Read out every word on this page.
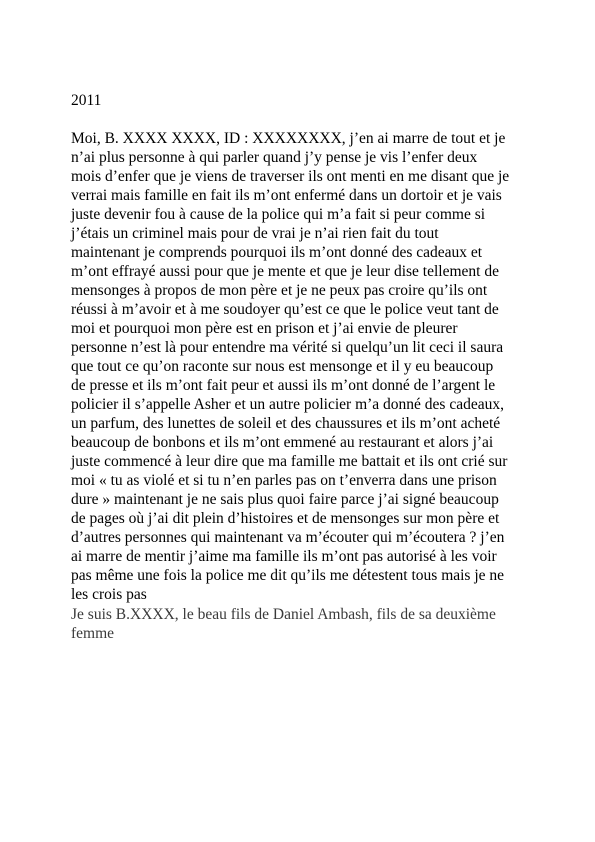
2011

Moi, B. XXXX XXXX, ID : XXXXXXXX, j’en ai marre de tout et je

n’ai plus personne à qui parler quand j’y pense je vis l’enfer deux

mois d’enfer que je viens de traverser ils ont menti en me disant que je

verrai mais famille en fait ils m’ont enfermé dans un dortoir et je vais

juste devenir fou à cause de la police qui m’a fait si peur comme si

j’étais un criminel mais pour de vrai je n’ai rien fait du tout

maintenant je comprends pourquoi ils m’ont donné des cadeaux et

m’ont effrayé aussi pour que je mente et que je leur dise tellement de

mensonges à propos de mon père et je ne peux pas croire qu’ils ont

réussi à m’avoir et à me soudoyer qu’est ce que le police veut tant de

moi et pourquoi mon père est en prison et j’ai envie de pleurer

personne n’est là pour entendre ma vérité si quelqu’un lit ceci il saura

que tout ce qu’on raconte sur nous est mensonge et il y eu beaucoup

de presse et ils m’ont fait peur et aussi ils m’ont donné de l’argent le

policier il s’appelle Asher et un autre policier m’a donné des cadeaux,

un parfum, des lunettes de soleil et des chaussures et ils m’ont acheté

beaucoup de bonbons et ils m’ont emmené au restaurant et alors j’ai

juste commencé à leur dire que ma famille me battait et ils ont crié sur

moi « tu as violé et si tu n’en parles pas on t’enverra dans une prison

dure » maintenant je ne sais plus quoi faire parce j’ai signé beaucoup

de pages où j’ai dit plein d’histoires et de mensonges sur mon père et

d’autres personnes qui maintenant va m’écouter qui m’écoutera ? j’en

ai marre de mentir j’aime ma famille ils m’ont pas autorisé à les voir

pas même une fois la police me dit qu’ils me détestent tous mais je ne

les crois pas

Je suis B.XXXX, le beau fils de Daniel Ambash, fils de sa deuxième

femme
